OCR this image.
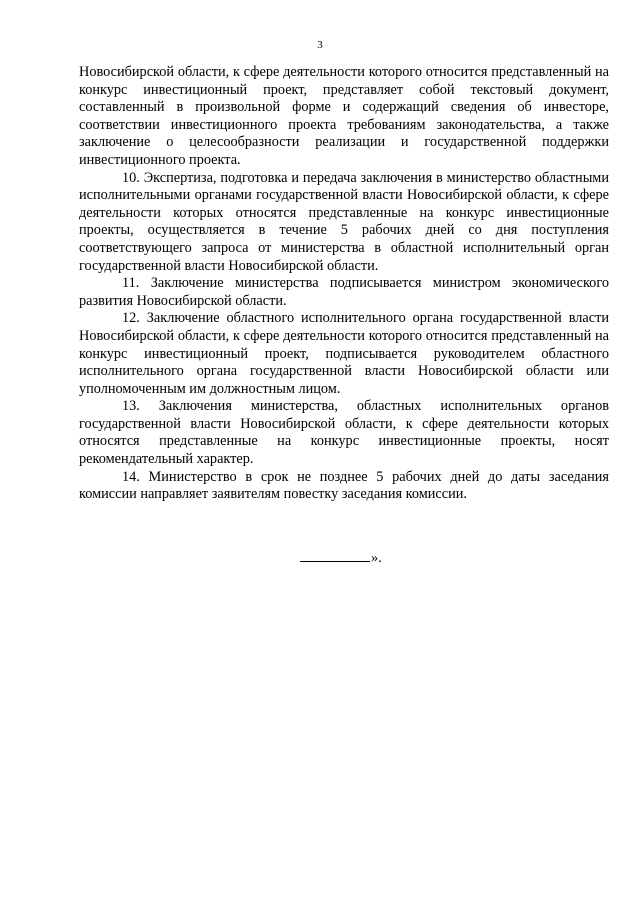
3

Новосибирской области, к сфере деятельности которого относится представленный на конкурс инвестиционный проект, представляет собой текстовый документ, составленный в произвольной форме и содержащий сведения об инвесторе, соответствии инвестиционного проекта требованиям законодательства, а также заключение о целесообразности реализации и государственной поддержки инвестиционного проекта.

10. Экспертиза, подготовка и передача заключения в министерство областными исполнительными органами государственной власти Новосибирской области, к сфере деятельности которых относятся представленные на конкурс инвестиционные проекты, осуществляется в течение 5 рабочих дней со дня поступления соответствующего запроса от министерства в областной исполнительный орган государственной власти Новосибирской области.

11. Заключение министерства подписывается министром экономического развития Новосибирской области.

12. Заключение областного исполнительного органа государственной власти Новосибирской области, к сфере деятельности которого относится представленный на конкурс инвестиционный проект, подписывается руководителем областного исполнительного органа государственной власти Новосибирской области или уполномоченным им должностным лицом.

13. Заключения министерства, областных исполнительных органов государственной власти Новосибирской области, к сфере деятельности которых относятся представленные на конкурс инвестиционные проекты, носят рекомендательный характер.

14. Министерство в срок не позднее 5 рабочих дней до даты заседания комиссии направляет заявителям повестку заседания комиссии.

».
